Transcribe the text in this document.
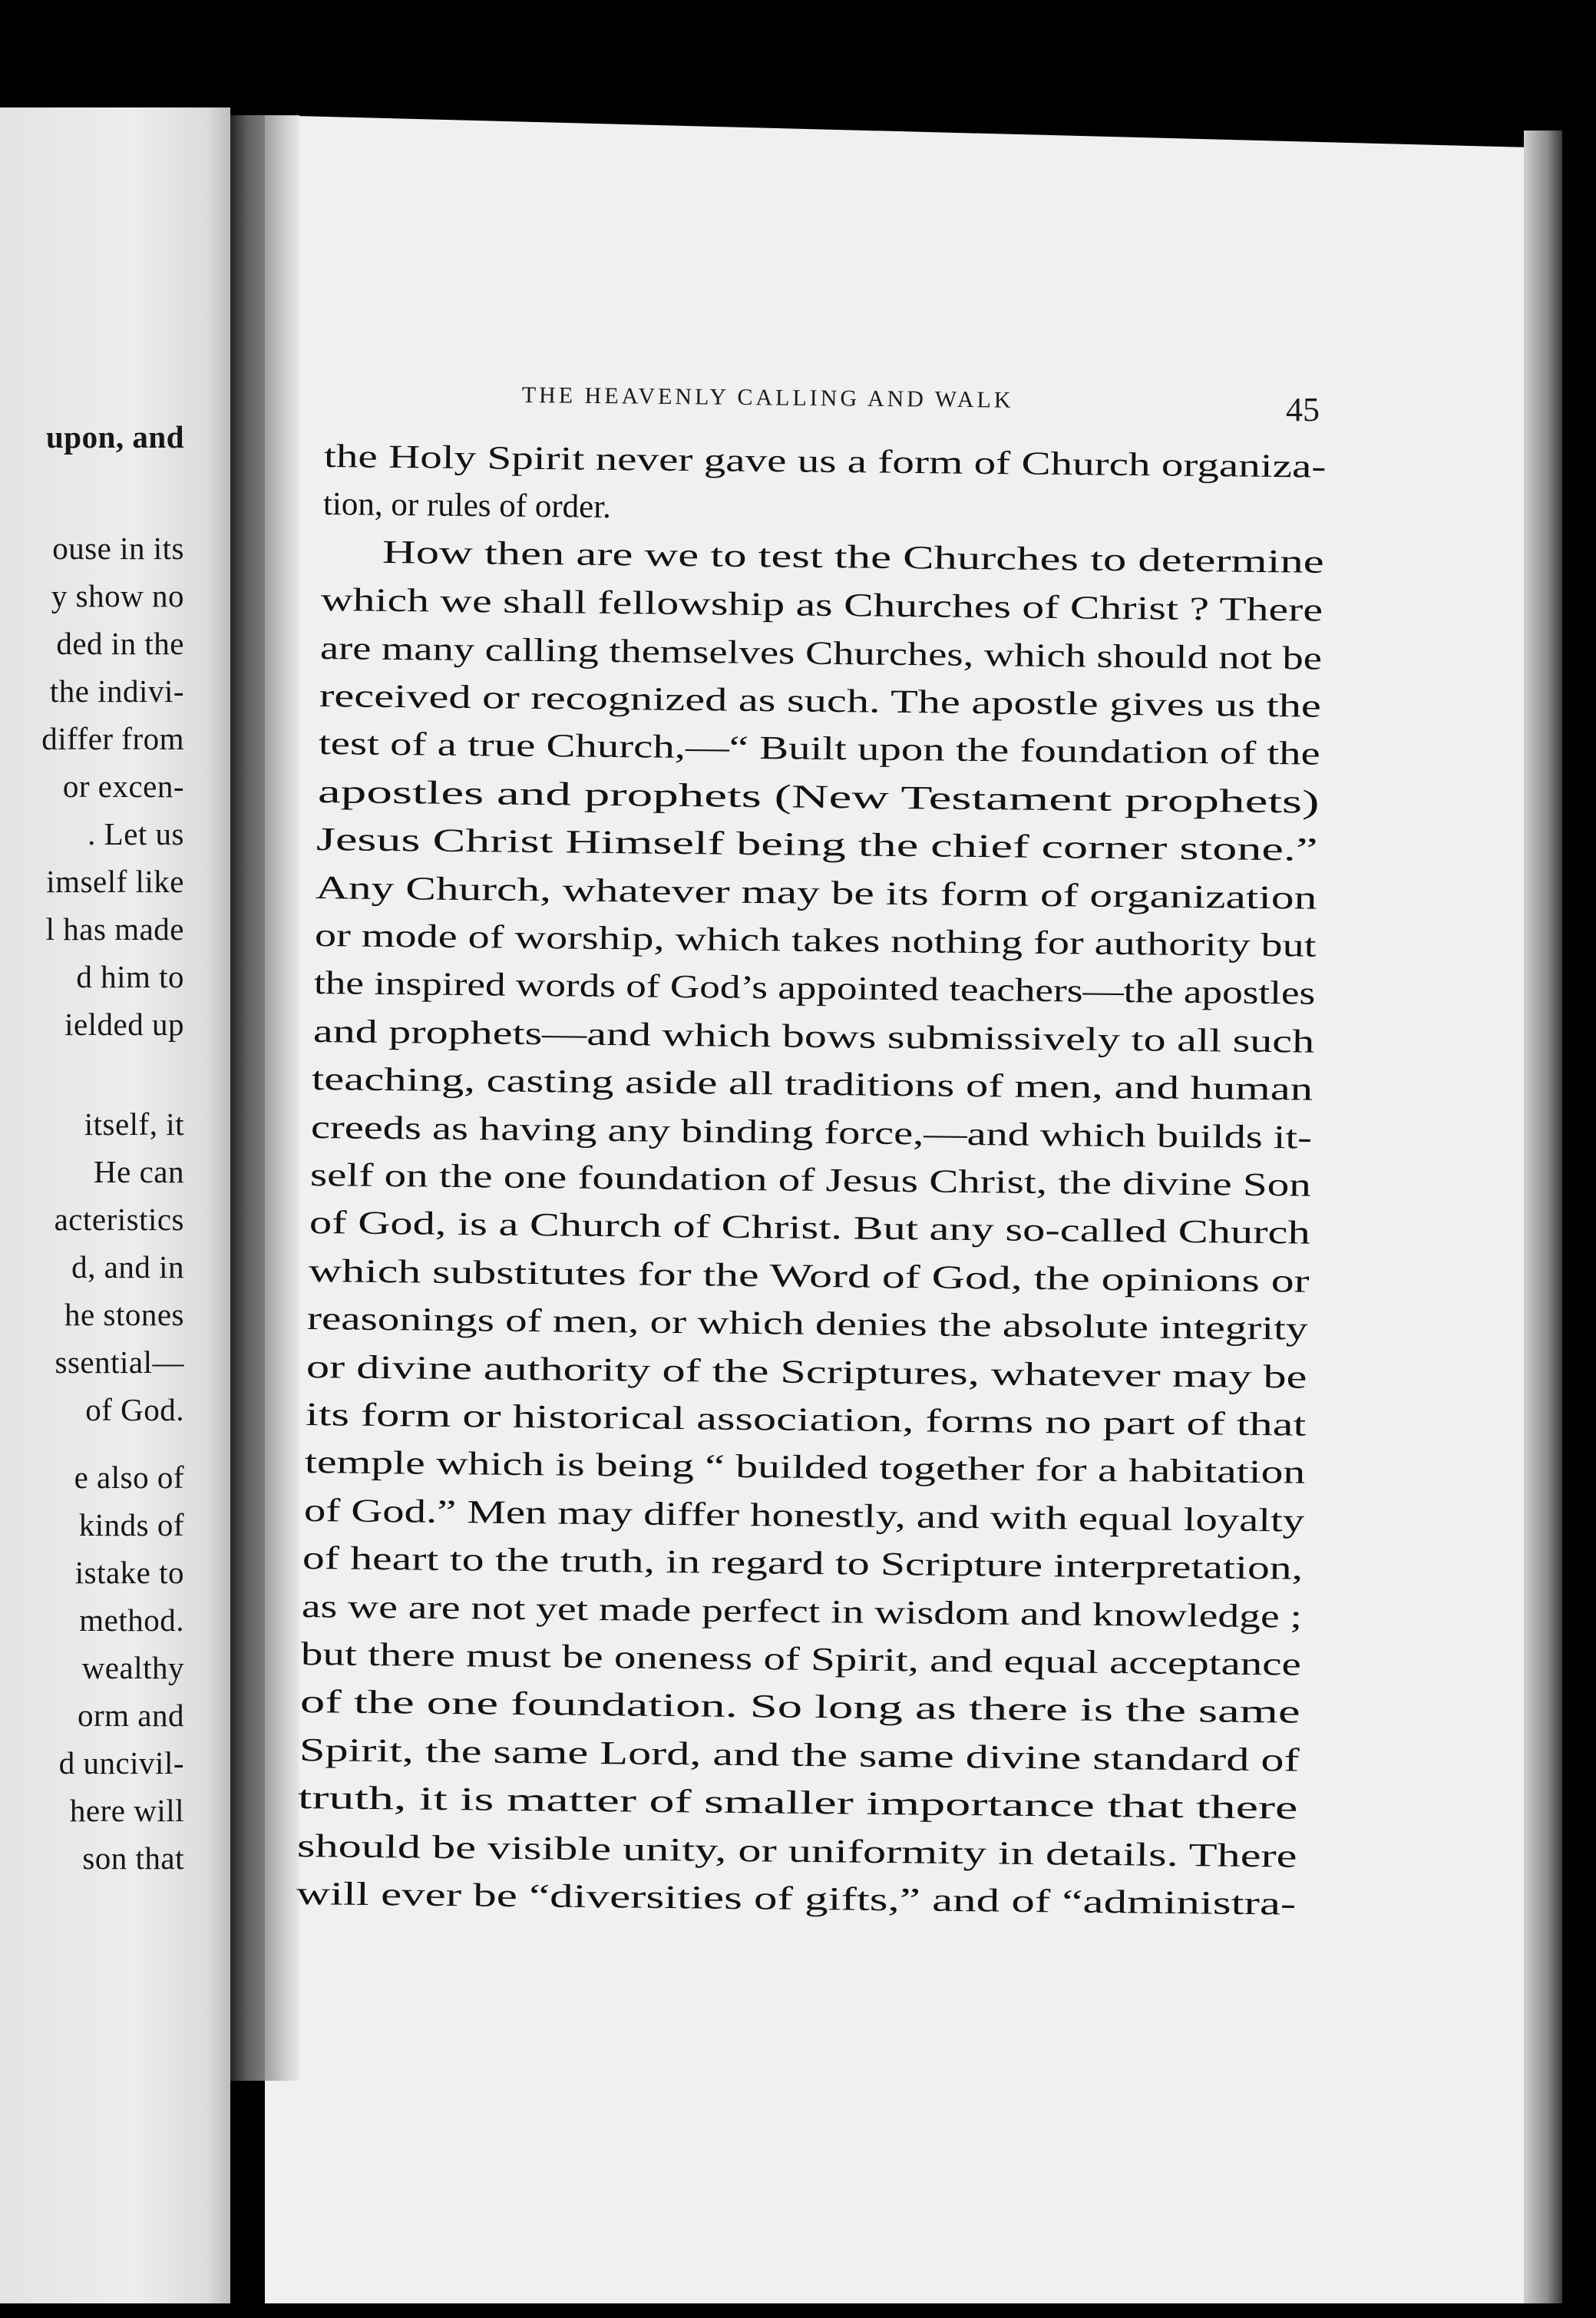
upon, and
ouse in its
y show no
ded in the
the indivi-
differ from
or excen-
. Let us
imself like
l has made
d him to
ielded up
itself, it
He can
acteristics
d, and in
he stones
ssential—
of God.
e also of
kinds of
istake to
method.
wealthy
orm and
d uncivil-
here will
son that
THE HEAVENLY CALLING AND WALK	45
the Holy Spirit never gave us a form of Church organiza-
tion, or rules of order.
How then are we to test the Churches to determine
which we shall fellowship as Churches of Christ ? There
are many calling themselves Churches, which should not be
received or recognized as such. The apostle gives us the
test of a true Church,—“ Built upon the foundation of the
apostles and prophets (New Testament prophets)
Jesus Christ Himself being the chief corner stone.”
Any Church, whatever may be its form of organization
or mode of worship, which takes nothing for authority but
the inspired words of God’s appointed teachers—the apostles
and prophets—and which bows submissively to all such
teaching, casting aside all traditions of men, and human
creeds as having any binding force,—and which builds it-
self on the one foundation of Jesus Christ, the divine Son
of God, is a Church of Christ. But any so-called Church
which substitutes for the Word of God, the opinions or
reasonings of men, or which denies the absolute integrity
or divine authority of the Scriptures, whatever may be
its form or historical association, forms no part of that
temple which is being “ builded together for a habitation
of God.” Men may differ honestly, and with equal loyalty
of heart to the truth, in regard to Scripture interpretation,
as we are not yet made perfect in wisdom and knowledge ;
but there must be oneness of Spirit, and equal acceptance
of the one foundation. So long as there is the same
Spirit, the same Lord, and the same divine standard of
truth, it is matter of smaller importance that there
should be visible unity, or uniformity in details. There
will ever be “diversities of gifts,” and of “administra-
